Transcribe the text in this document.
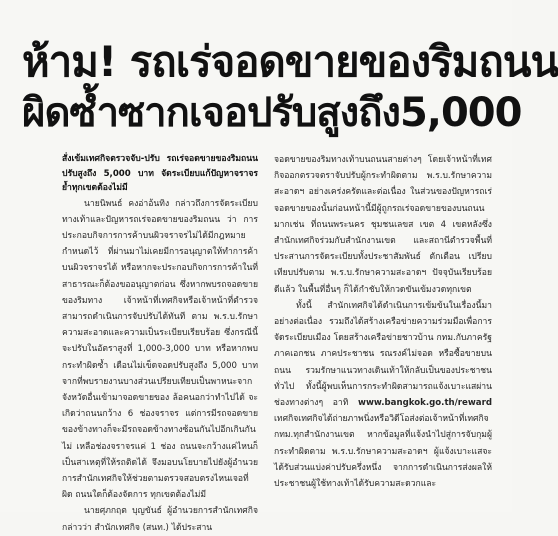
ห้าม! รถเร่จอดขายของริมถนน
ผิดซ้ำซากเจอปรับสูงถึง5,000

สั่งเข้มเทศกิจตรวจจับ-ปรับ รถเร่จอดขายของริมถนน ปรับสูงถึง 5,000 บาท จัดระเบียบแก้ปัญหาจราจร ย้ำทุกเขตต้องไม่มี

นายนิพนธ์ คงอ่าอ้นทิง กล่าวถึงการจัดระเบียบทางเท้าและปัญหารถเร่จอดขายของริมถนน ว่า การประกอบกิจการการค้าบนผิวจราจรไม่ได้มีกฎหมายกำหนดไว้ ที่ผ่านมาไม่เคยมีการอนุญาตให้ทำการค้าบนผิวจราจรได้ หรือหากจะประกอบกิจการการค้าในที่สาธารณะก็ต้องขออนุญาตก่อน ซึ่งหากพบรถจอดขายของริมทาง เจ้าหน้าที่เทศกิจหรือเจ้าหน้าที่ตำรวจสามารถดำเนินการจับปรับได้ทันที ตาม พ.ร.บ.รักษาความสะอาดและความเป็นระเบียบเรียบร้อย ซึ่งกรณีนี้จะปรับในอัตราสูงที่ 1,000-3,000 บาท หรือหากพบกระทำผิดซ้ำ เดือนไม่เข็ดจอดปรับสูงถึง 5,000 บาท จากที่พบรายงานบางส่วนเปรียบเทียบเป็นพาหนะจากจังหวัดอื่นเข้ามาจอดขายของ ล้อคนอกว่าทำไปได้ จะเกิดว่าถนนกว้าง 6 ช่องจราจร แต่การมีรถจอดขายของข้างทางก็จะมีรถจอดข้างทางซ้อนกันไปอีกเกินกันไม่ เหลือช่องจราจรแค่ 1 ช่อง ถนนจะกว้างแค่ไหนก็เป็นสาเหตุที่ให้รถติดได้ จึงมอบนโยบายไปยังผู้อำนวยการสำนักเทศกิจให้ช่วยตามตรวจสอบตรงไหนเจอที่ผิด ถนนใดก็ต้องจัดการ ทุกเขตต้องไม่มี

นายศุภกฤต บุญขันธ์ ผู้อำนวยการสำนักเทศกิจ กล่าวว่า สำนักเทศกิจ (สนท.) ได้ประสาน

จอดขายของริมทางเท้าบนถนนสายต่างๆ โดยเจ้าหน้าที่เทศกิจออกตรวจตราจับปรับผู้กระทำผิดตาม พ.ร.บ.รักษาความสะอาดฯ อย่างเคร่งครัดและต่อเนื่อง ในส่วนของปัญหารถเร่จอดขายของนั้นก่อนหน้านี้มีผู้ถูกรถเร่จอดขายของบนถนนมากเช่น ที่ถนนพระนคร ชุมชนเลขส เขต 4 เขตหลังซึ่ง สำนักเทศกิจร่วมกับสำนักงานเขต และสถานีตำรวจพื้นที่ ประสานการจัดระเบียบทั้งประชาสัมพันธ์ ตักเตือน เปรียบเทียบปรับตาม พ.ร.บ.รักษาความสะอาดฯ ปัจจุบันเรียบร้อยดีแล้ว ในพื้นที่อื่นๆ ก็ได้กำชับให้กวดขันเข้มงวดทุกเขต

ทั้งนี้ สำนักเทศกิจได้ดำเนินการเข้มข้นในเรื่องนี้มาอย่างต่อเนื่อง รวมถึงได้สร้างเครือข่ายความร่วมมือเพื่อการจัดระเบียบเมือง โดยสร้างเครือข่ายชาวบ้าน กทม.กับภาครัฐ ภาคเอกชน ภาคประชาชน รณรงค์ไม่จอด หรือซื้อขายบนถนน รวมรักษาแนวทางเดินเท้าให้กลับเป็นของประชาชนทั่วไป ทั้งนี้ผู้พบเห็นการกระทำผิดสามารถแจ้งเบาะแสผ่านช่องทางต่างๆ อาทิ www.bangkok.go.th/reward เทศกิจเทศกิจได้ถ่ายภาพนิ่งหรือวิดีโอส่งต่อเจ้าหน้าที่เทศกิจ กทม.ทุกสำนักงานเขต หากข้อมูลที่แจ้งนำไปสู่การจับกุมผู้กระทำผิดตาม พ.ร.บ.รักษาความสะอาดฯ ผู้แจ้งเบาะแสจะได้รับส่วนแบ่งค่าปรับครึ่งหนึ่ง จากการดำเนินการส่งผลให้ประชาชนผู้ใช้ทางเท้าได้รับความสะดวกและ
